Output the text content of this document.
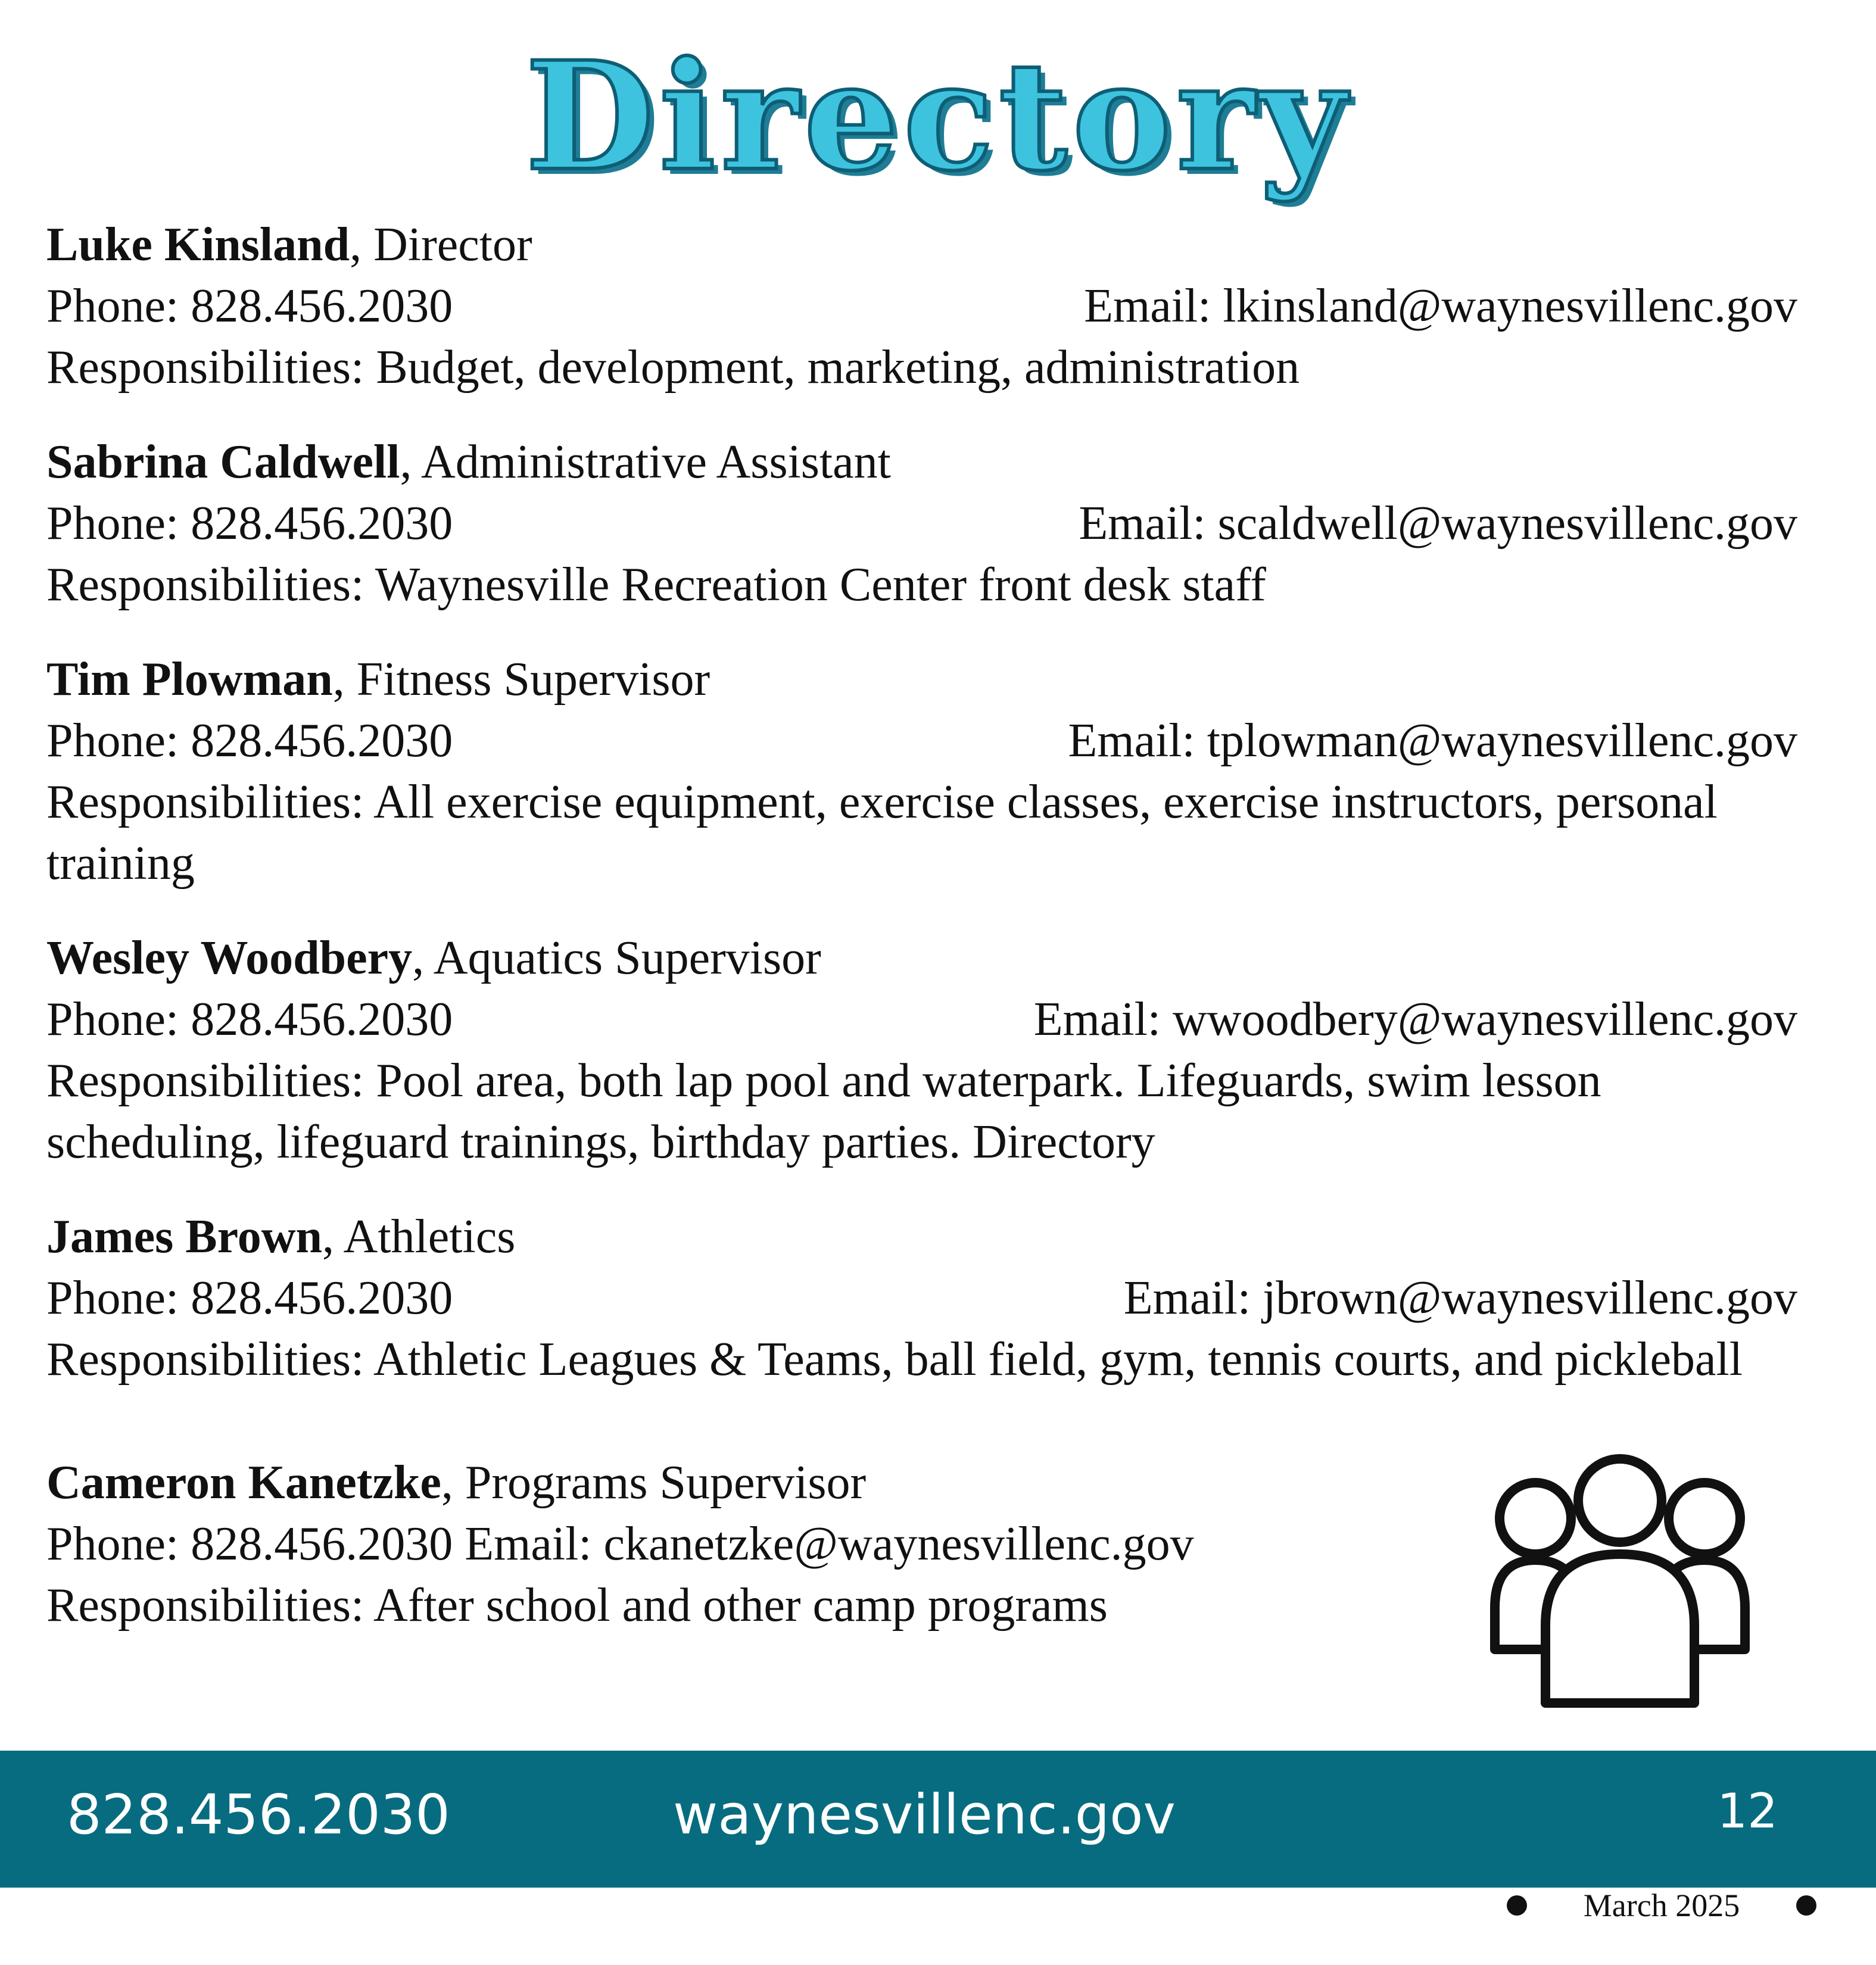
Directory
Luke Kinsland, Director
Phone: 828.456.2030	Email: lkinsland@waynesvillenc.gov
Responsibilities: Budget, development, marketing, administration
Sabrina Caldwell, Administrative Assistant
Phone: 828.456.2030	Email: scaldwell@waynesvillenc.gov
Responsibilities: Waynesville Recreation Center front desk staff
Tim Plowman, Fitness Supervisor
Phone: 828.456.2030	Email: tplowman@waynesvillenc.gov
Responsibilities: All exercise equipment, exercise classes, exercise instructors, personal training
Wesley Woodbery, Aquatics Supervisor
Phone: 828.456.2030	Email: wwoodbery@waynesvillenc.gov
Responsibilities: Pool area, both lap pool and waterpark. Lifeguards, swim lesson scheduling, lifeguard trainings, birthday parties. Directory
James Brown, Athletics
Phone: 828.456.2030	Email: jbrown@waynesvillenc.gov
Responsibilities: Athletic Leagues & Teams, ball field, gym, tennis courts, and pickleball
Cameron Kanetzke, Programs Supervisor
Phone: 828.456.2030 Email: ckanetzke@waynesvillenc.gov
Responsibilities: After school and other camp programs
828.456.2030	waynesvillenc.gov	12
March 2025
